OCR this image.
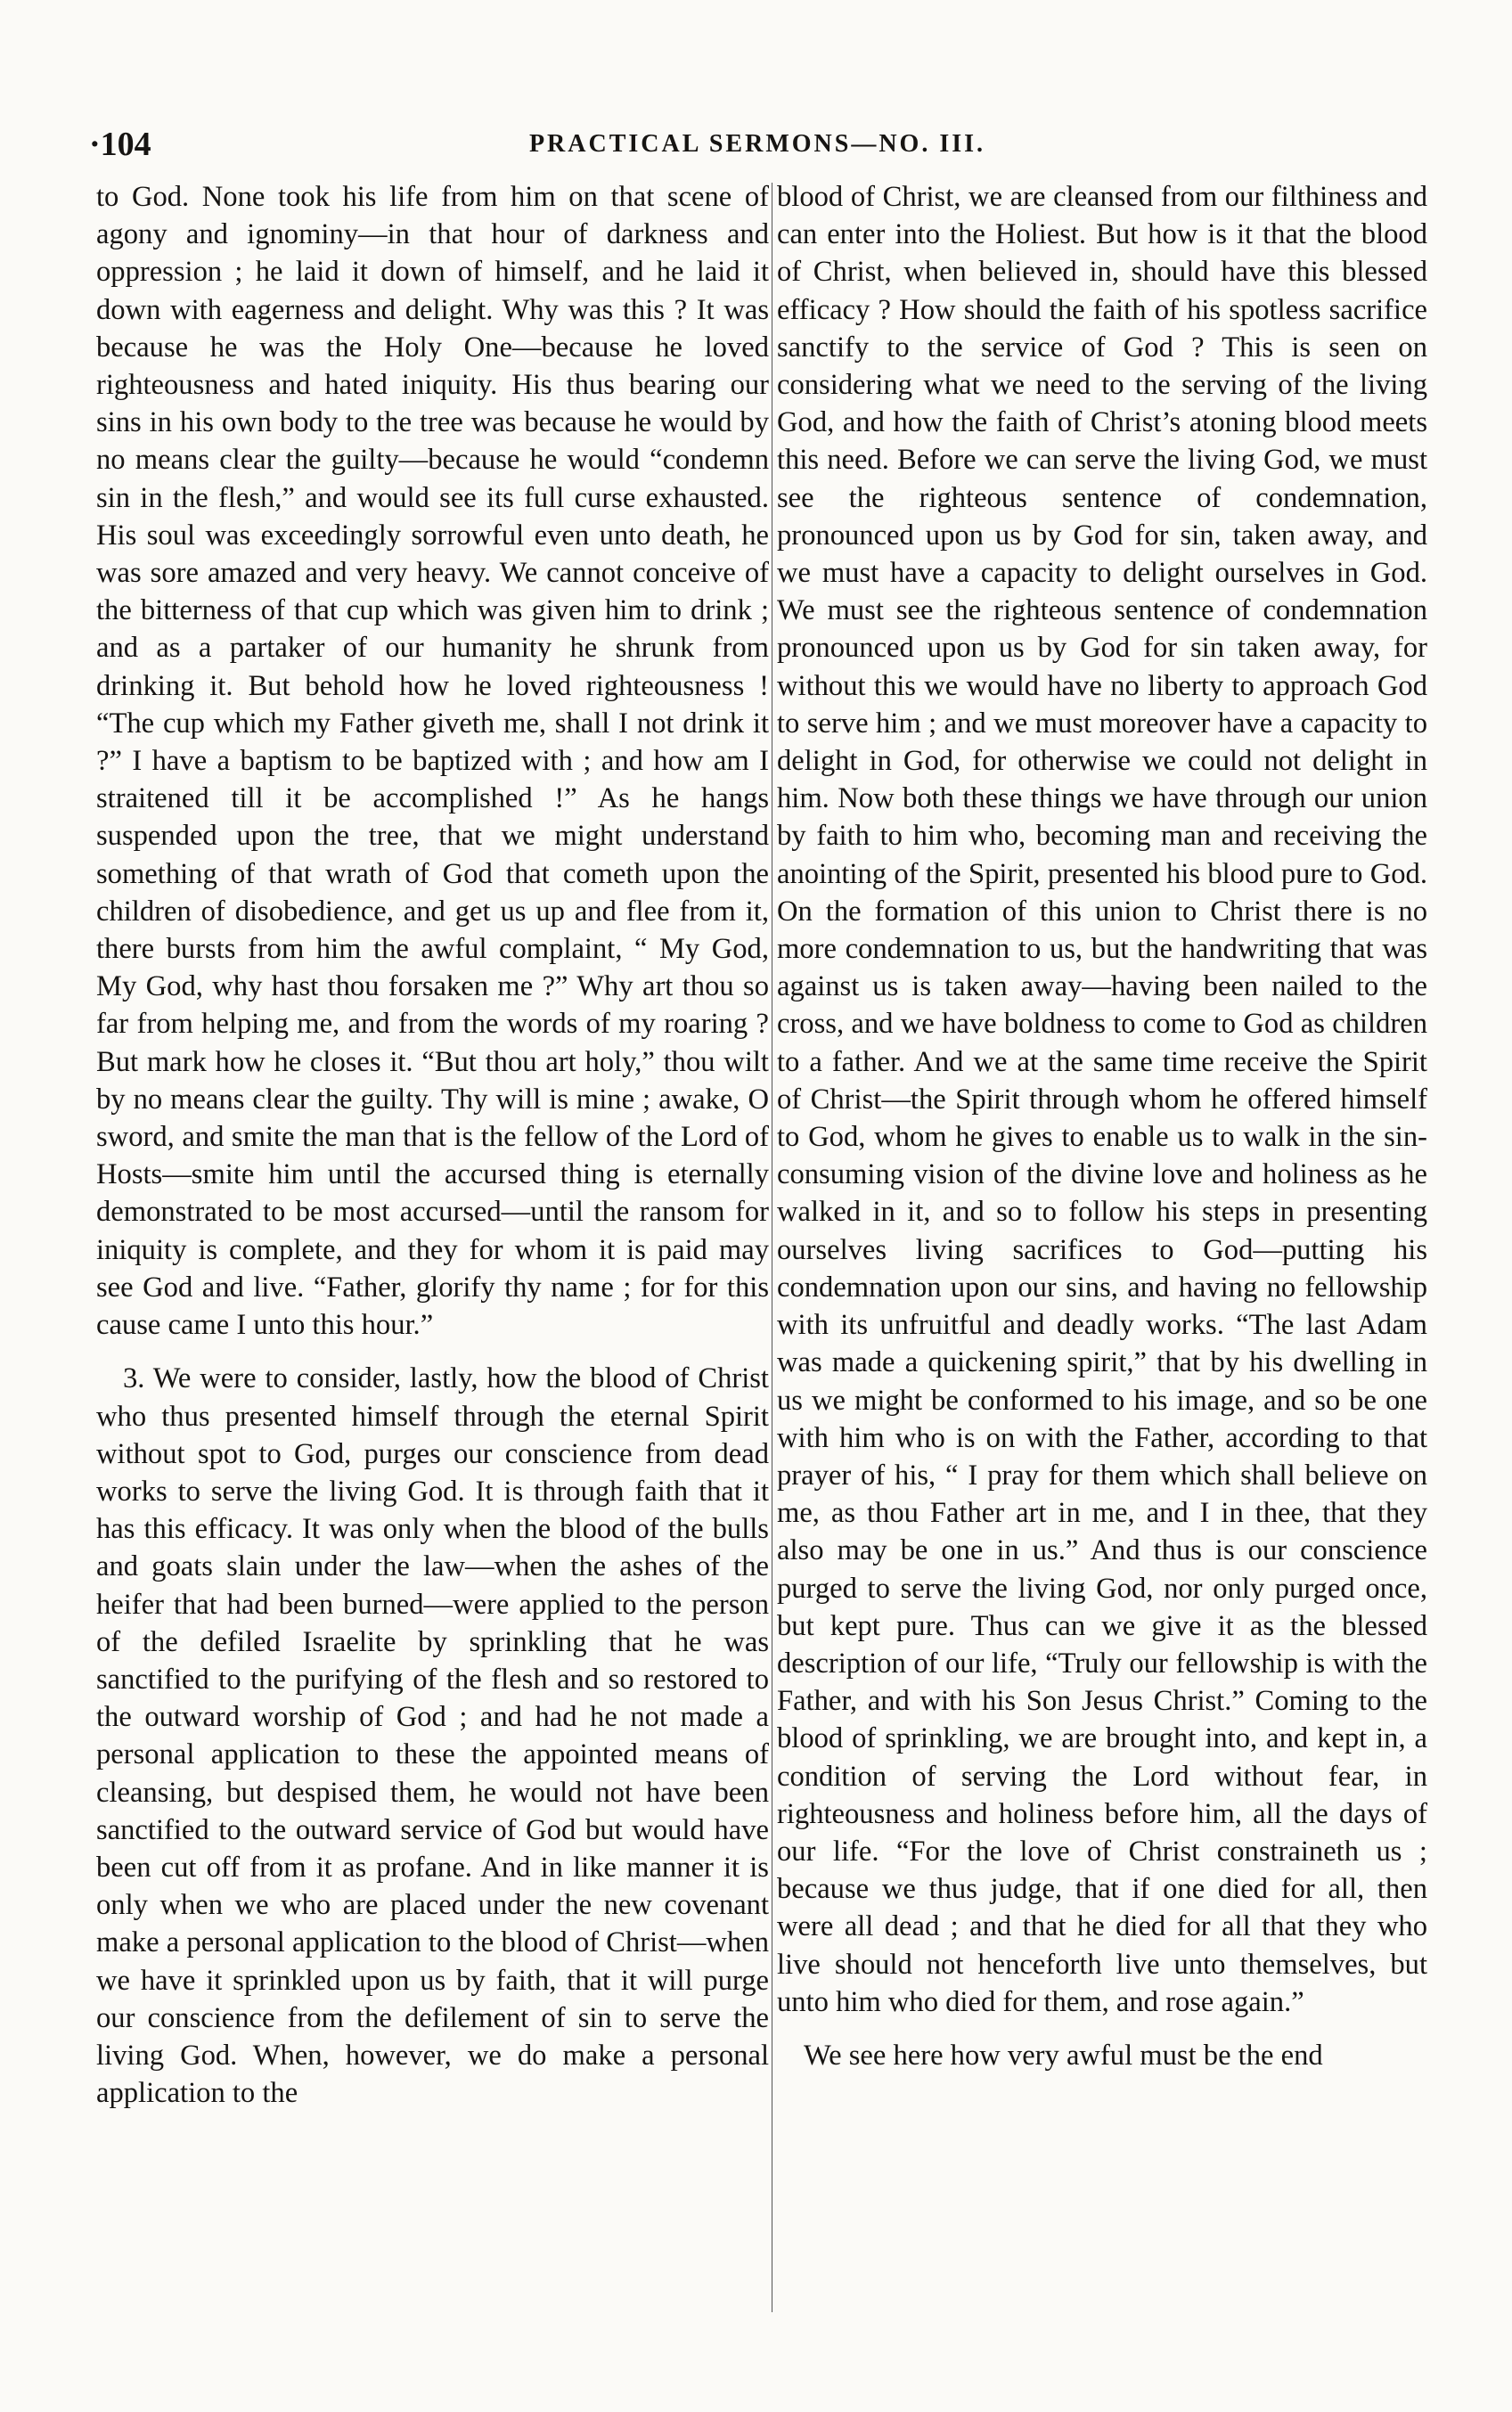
·104	PRACTICAL SERMONS—NO. III.

to God. None took his life from him on that scene of agony and ignominy—in that hour of darkness and oppression ; he laid it down of himself, and he laid it down with eagerness and delight. Why was this ? It was because he was the Holy One—because he loved righteousness and hated iniquity. His thus bearing our sins in his own body to the tree was because he would by no means clear the guilty—because he would “condemn sin in the flesh,” and would see its full curse exhausted. His soul was exceedingly sorrowful even unto death, he was sore amazed and very heavy. We cannot conceive of the bitterness of that cup which was given him to drink ; and as a partaker of our humanity he shrunk from drinking it. But behold how he loved righteousness ! “The cup which my Father giveth me, shall I not drink it ?” I have a baptism to be baptized with ; and how am I straitened till it be accomplished !” As he hangs suspended upon the tree, that we might understand something of that wrath of God that cometh upon the children of disobedience, and get us up and flee from it, there bursts from him the awful complaint, “ My God, My God, why hast thou forsaken me ?” Why art thou so far from helping me, and from the words of my roaring ? But mark how he closes it. “But thou art holy,” thou wilt by no means clear the guilty. Thy will is mine ; awake, O sword, and smite the man that is the fellow of the Lord of Hosts—smite him until the accursed thing is eternally demonstrated to be most accursed—until the ransom for iniquity is complete, and they for whom it is paid may see God and live. “Father, glorify thy name ; for for this cause came I unto this hour.”

3. We were to consider, lastly, how the blood of Christ who thus presented himself through the eternal Spirit without spot to God, purges our conscience from dead works to serve the living God. It is through faith that it has this efficacy. It was only when the blood of the bulls and goats slain under the law—when the ashes of the heifer that had been burned—were applied to the person of the defiled Israelite by sprinkling that he was sanctified to the purifying of the flesh and so restored to the outward worship of God ; and had he not made a personal application to these the appointed means of cleansing, but despised them, he would not have been sanctified to the outward service of God but would have been cut off from it as profane. And in like manner it is only when we who are placed under the new covenant make a personal application to the blood of Christ—when we have it sprinkled upon us by faith, that it will purge our conscience from the defilement of sin to serve the living God. When, however, we do make a personal application to the

blood of Christ, we are cleansed from our filthiness and can enter into the Holiest. But how is it that the blood of Christ, when believed in, should have this blessed efficacy ? How should the faith of his spotless sacrifice sanctify to the service of God ? This is seen on considering what we need to the serving of the living God, and how the faith of Christ’s atoning blood meets this need. Before we can serve the living God, we must see the righteous sentence of condemnation, pronounced upon us by God for sin, taken away, and we must have a capacity to delight ourselves in God. We must see the righteous sentence of condemnation pronounced upon us by God for sin taken away, for without this we would have no liberty to approach God to serve him ; and we must moreover have a capacity to delight in God, for otherwise we could not delight in him. Now both these things we have through our union by faith to him who, becoming man and receiving the anointing of the Spirit, presented his blood pure to God. On the formation of this union to Christ there is no more condemnation to us, but the handwriting that was against us is taken away—having been nailed to the cross, and we have boldness to come to God as children to a father. And we at the same time receive the Spirit of Christ—the Spirit through whom he offered himself to God, whom he gives to enable us to walk in the sin-consuming vision of the divine love and holiness as he walked in it, and so to follow his steps in presenting ourselves living sacrifices to God—putting his condemnation upon our sins, and having no fellowship with its unfruitful and deadly works. “The last Adam was made a quickening spirit,” that by his dwelling in us we might be conformed to his image, and so be one with him who is on with the Father, according to that prayer of his, “ I pray for them which shall believe on me, as thou Father art in me, and I in thee, that they also may be one in us.” And thus is our conscience purged to serve the living God, nor only purged once, but kept pure. Thus can we give it as the blessed description of our life, “Truly our fellowship is with the Father, and with his Son Jesus Christ.” Coming to the blood of sprinkling, we are brought into, and kept in, a condition of serving the Lord without fear, in righteousness and holiness before him, all the days of our life. “For the love of Christ constraineth us ; because we thus judge, that if one died for all, then were all dead ; and that he died for all that they who live should not henceforth live unto themselves, but unto him who died for them, and rose again.”

We see here how very awful must be the end
